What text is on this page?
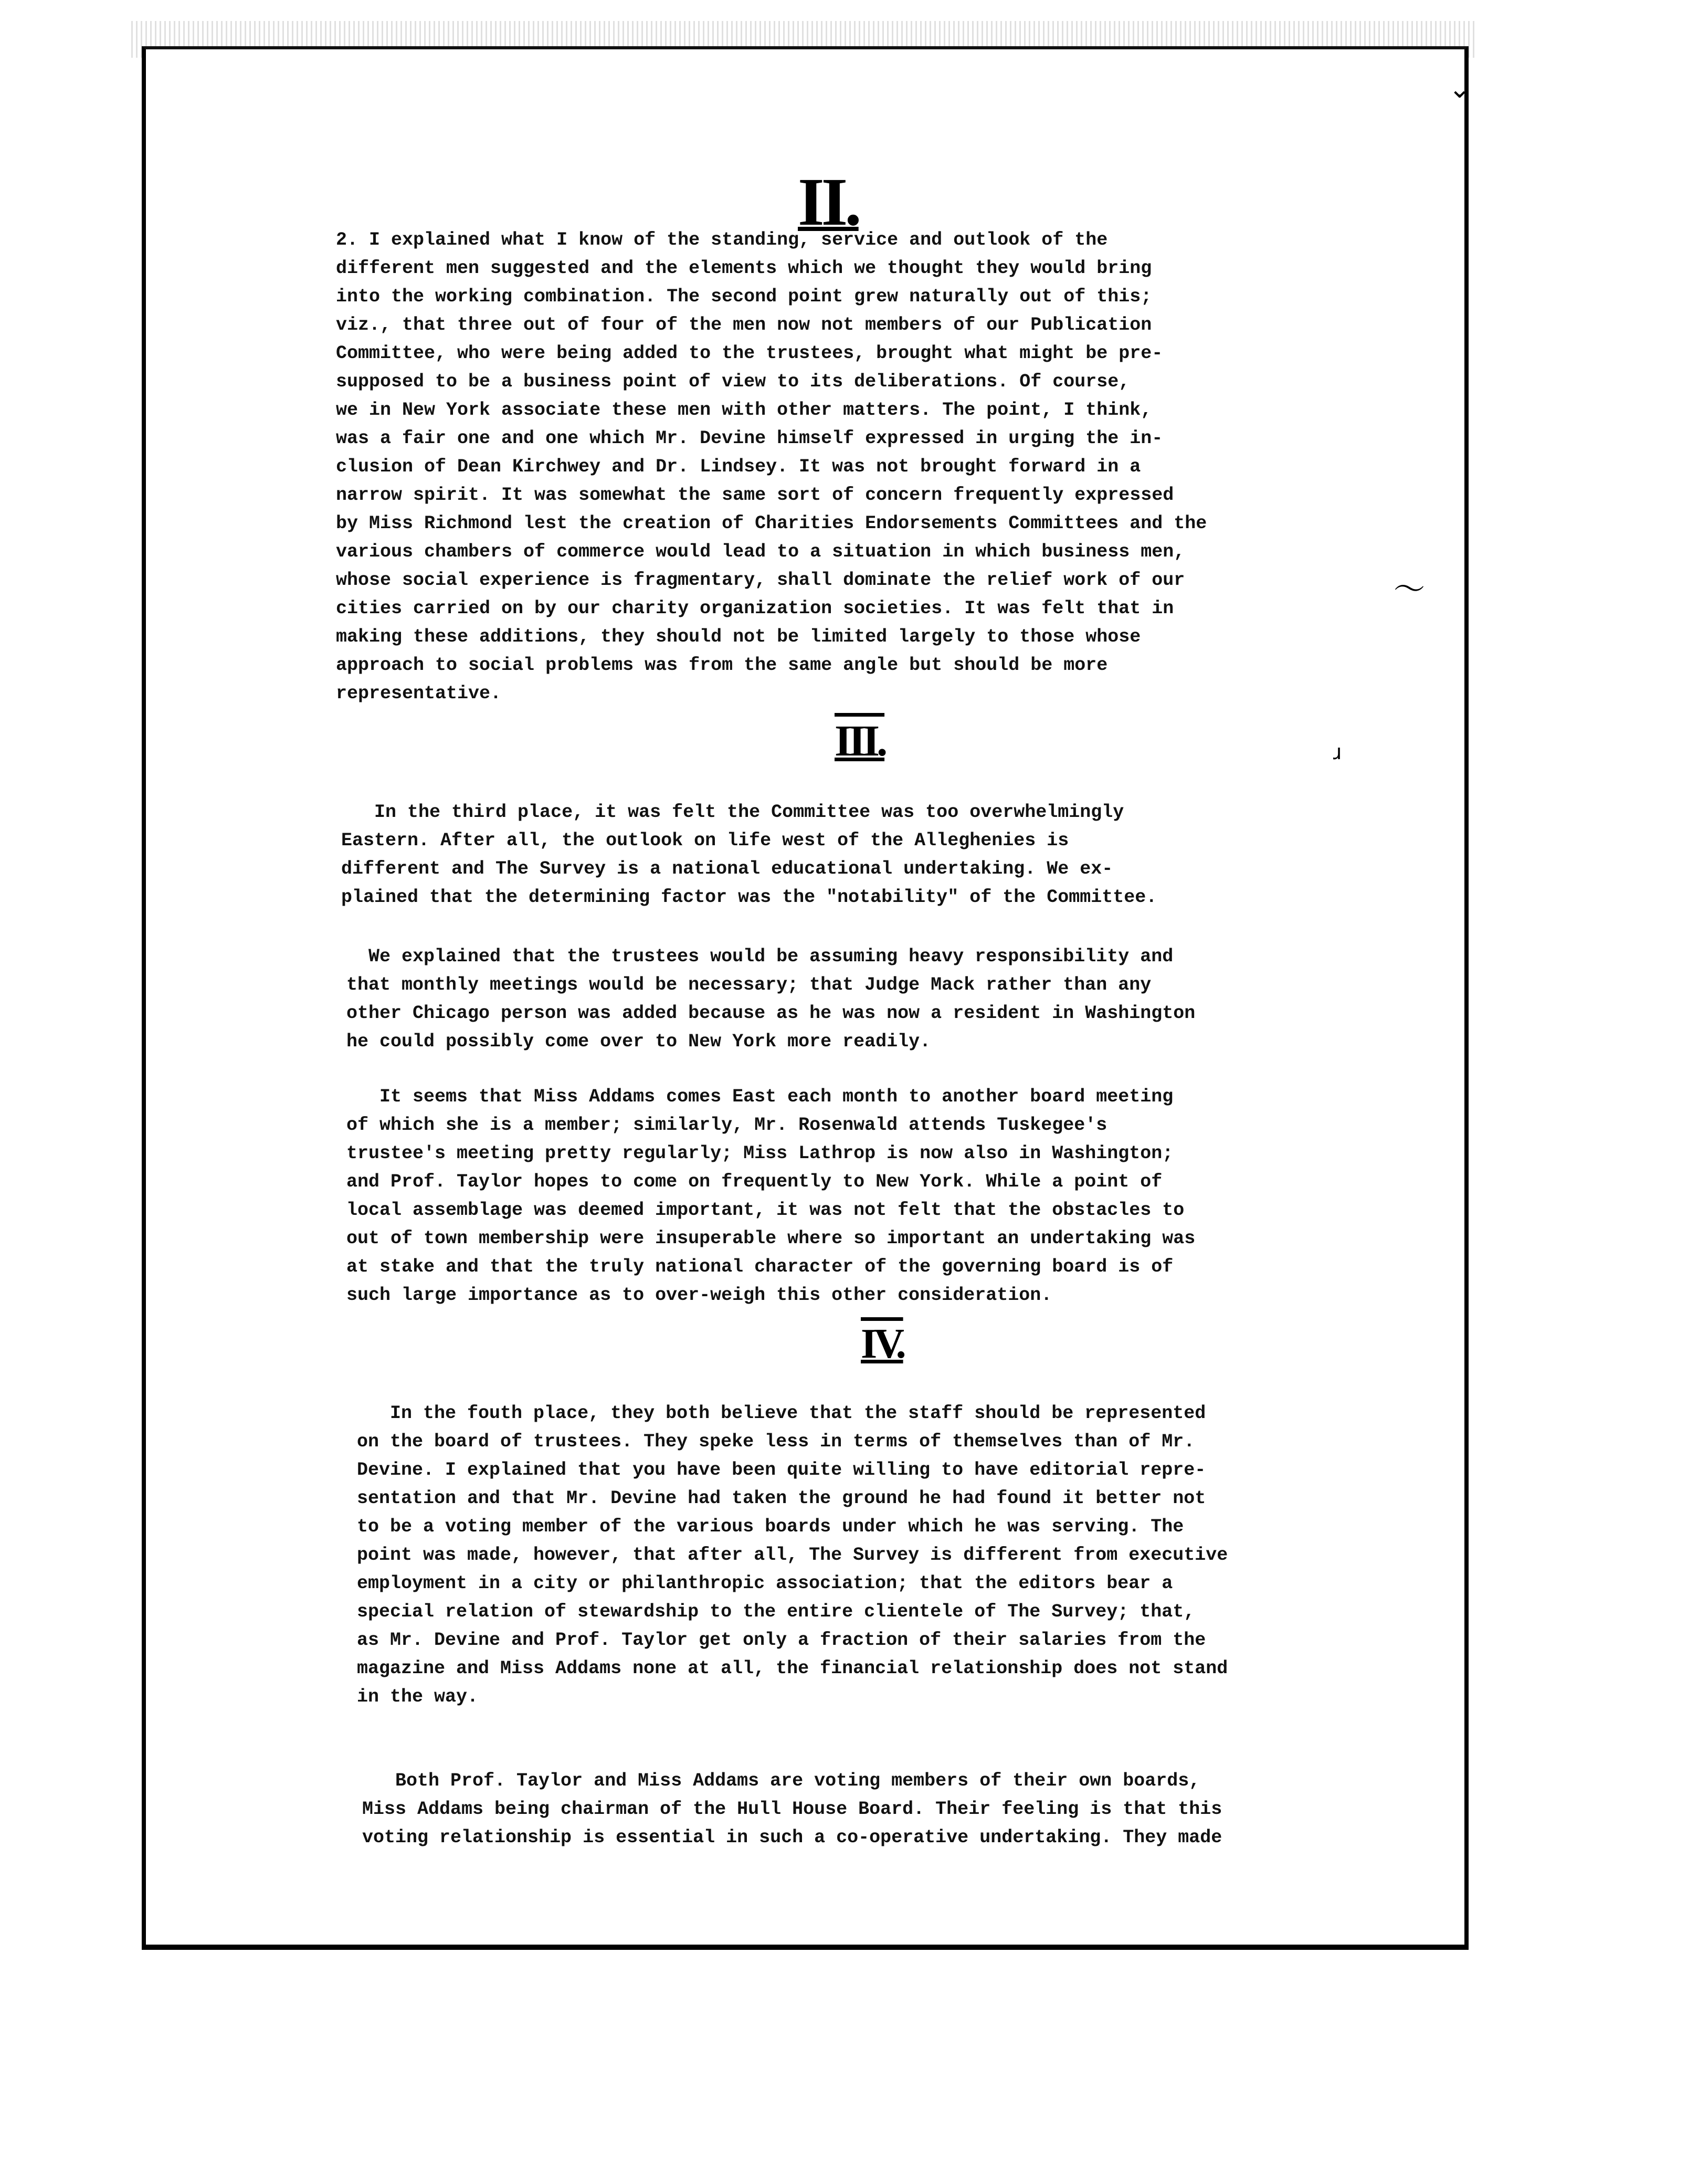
⌄
II.
2. I explained what I know of the standing, service and outlook of the
different men suggested and the elements which we thought they would bring
into the working combination. The second point grew naturally out of this;
viz., that three out of four of the men now not members of our Publication
Committee, who were being added to the trustees, brought what might be pre-
supposed to be a business point of view to its deliberations. Of course,
we in New York associate these men with other matters. The point, I think,
was a fair one and one which Mr. Devine himself expressed in urging the in-
clusion of Dean Kirchwey and Dr. Lindsey. It was not brought forward in a
narrow spirit. It was somewhat the same sort of concern frequently expressed
by Miss Richmond lest the creation of Charities Endorsements Committees and the
various chambers of commerce would lead to a situation in which business men,
whose social experience is fragmentary, shall dominate the relief work of our
cities carried on by our charity organization societies. It was felt that in
making these additions, they should not be limited largely to those whose
approach to social problems was from the same angle but should be more
representative.
〜
III.	ɹ
In the third place, it was felt the Committee was too overwhelmingly
Eastern. After all, the outlook on life west of the Alleghenies is
different and The Survey is a national educational undertaking. We ex-
plained that the determining factor was the "notability" of the Committee.
We explained that the trustees would be assuming heavy responsibility and
that monthly meetings would be necessary; that Judge Mack rather than any
other Chicago person was added because as he was now a resident in Washington
he could possibly come over to New York more readily.
It seems that Miss Addams comes East each month to another board meeting
of which she is a member; similarly, Mr. Rosenwald attends Tuskegee's
trustee's meeting pretty regularly; Miss Lathrop is now also in Washington;
and Prof. Taylor hopes to come on frequently to New York. While a point of
local assemblage was deemed important, it was not felt that the obstacles to
out of town membership were insuperable where so important an undertaking was
at stake and that the truly national character of the governing board is of
such large importance as to over-weigh this other consideration.
IV.
In the fouth place, they both believe that the staff should be represented
on the board of trustees. They speke less in terms of themselves than of Mr.
Devine. I explained that you have been quite willing to have editorial repre-
sentation and that Mr. Devine had taken the ground he had found it better not
to be a voting member of the various boards under which he was serving. The
point was made, however, that after all, The Survey is different from executive
employment in a city or philanthropic association; that the editors bear a
special relation of stewardship to the entire clientele of The Survey; that,
as Mr. Devine and Prof. Taylor get only a fraction of their salaries from the
magazine and Miss Addams none at all, the financial relationship does not stand
in the way.
Both Prof. Taylor and Miss Addams are voting members of their own boards,
Miss Addams being chairman of the Hull House Board. Their feeling is that this
voting relationship is essential in such a co-operative undertaking. They made
